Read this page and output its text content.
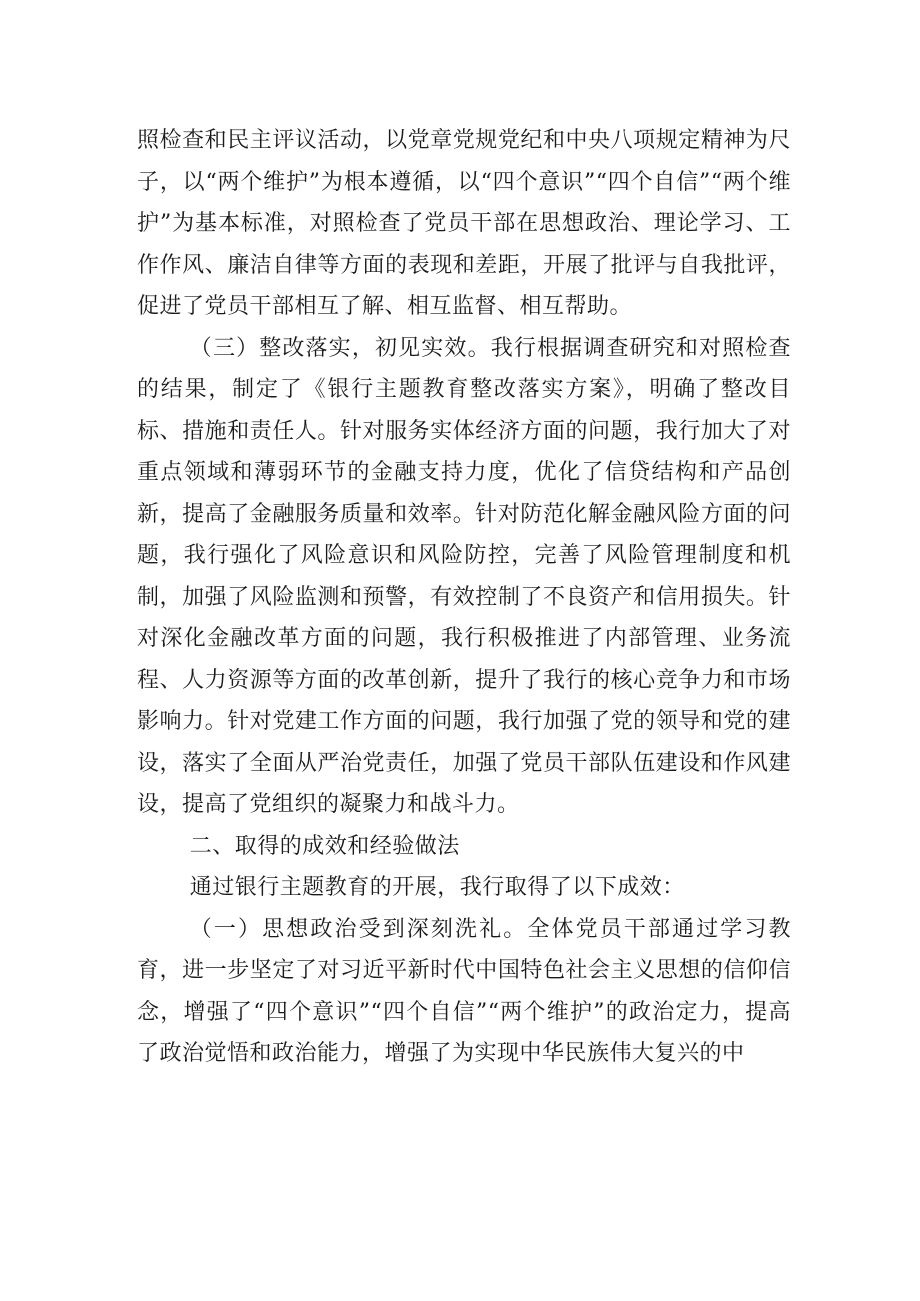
照检查和民主评议活动，以党章党规党纪和中央八项规定精神为尺子，以“两个维护”为根本遵循，以“四个意识”“四个自信”“两个维护”为基本标准，对照检查了党员干部在思想政治、理论学习、工作作风、廉洁自律等方面的表现和差距，开展了批评与自我批评，促进了党员干部相互了解、相互监督、相互帮助。

（三）整改落实，初见实效。我行根据调查研究和对照检查的结果，制定了《银行主题教育整改落实方案》，明确了整改目标、措施和责任人。针对服务实体经济方面的问题，我行加大了对重点领域和薄弱环节的金融支持力度，优化了信贷结构和产品创新，提高了金融服务质量和效率。针对防范化解金融风险方面的问题，我行强化了风险意识和风险防控，完善了风险管理制度和机制，加强了风险监测和预警，有效控制了不良资产和信用损失。针对深化金融改革方面的问题，我行积极推进了内部管理、业务流程、人力资源等方面的改革创新，提升了我行的核心竞争力和市场影响力。针对党建工作方面的问题，我行加强了党的领导和党的建设，落实了全面从严治党责任，加强了党员干部队伍建设和作风建设，提高了党组织的凝聚力和战斗力。

二、取得的成效和经验做法

通过银行主题教育的开展，我行取得了以下成效：

（一）思想政治受到深刻洗礼。全体党员干部通过学习教育，进一步坚定了对习近平新时代中国特色社会主义思想的信仰信念，增强了“四个意识”“四个自信”“两个维护”的政治定力，提高了政治觉悟和政治能力，增强了为实现中华民族伟大复兴的中
